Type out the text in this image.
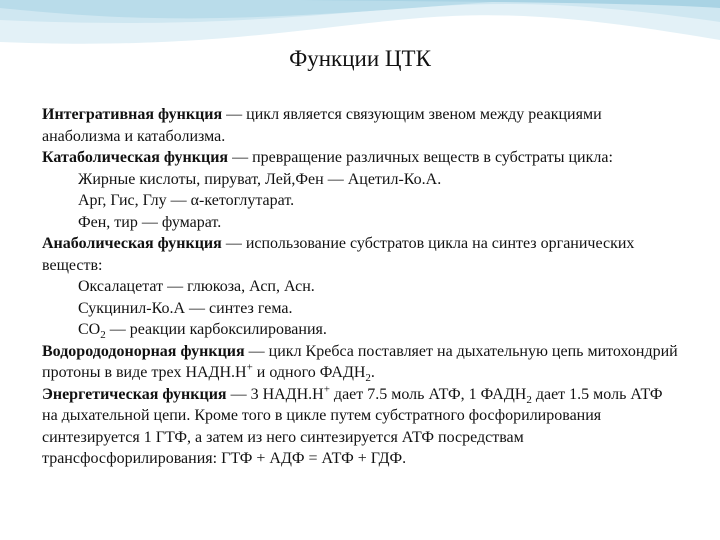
Функции ЦТК

Интегративная функция — цикл является связующим звеном между реакциями анаболизма и катаболизма.

Катаболическая функция — превращение различных веществ в субстраты цикла:

Жирные кислоты, пируват, Лей,Фен — Ацетил-Ко.А.

Арг, Гис, Глу — α-кетоглутарат.

Фен, тир — фумарат.

Анаболическая функция — использование субстратов цикла на синтез органических веществ:

Оксалацетат — глюкоза, Асп, Асн.

Сукцинил-Ко.А — синтез гема.

$CO_2$ — реакции карбоксилирования.

Водорододонорная функция — цикл Кребса поставляет на дыхательную цепь митохондрий протоны в виде трех НАДН.Н+ и одного $ФАДН_2$.

Энергетическая функция — 3 НАДН.Н+ дает 7.5 моль АТФ, 1 $ФАДН_2$ дает 1.5 моль АТФ на дыхательной цепи. Кроме того в цикле путем субстратного фосфорилирования синтезируется 1 ГТФ, а затем из него синтезируется АТФ посредствам трансфосфорилирования: ГТФ + АДФ = АТФ + ГДФ.
